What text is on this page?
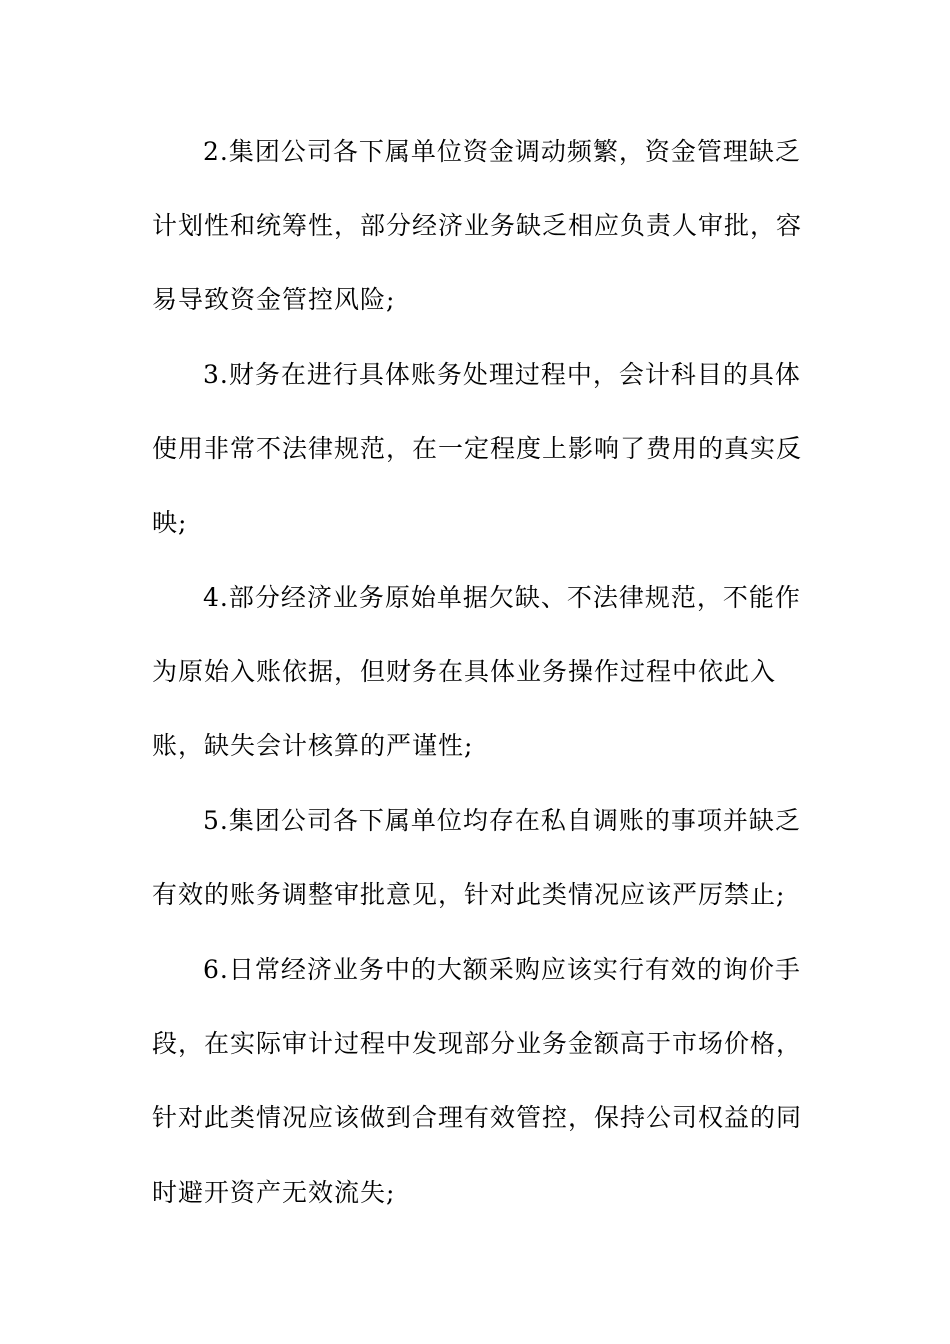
2.集团公司各下属单位资金调动频繁，资金管理缺乏
计划性和统筹性，部分经济业务缺乏相应负责人审批，容
易导致资金管控风险;
3.财务在进行具体账务处理过程中，会计科目的具体
使用非常不法律规范，在一定程度上影响了费用的真实反
映;
4.部分经济业务原始单据欠缺、不法律规范，不能作
为原始入账依据，但财务在具体业务操作过程中依此入
账，缺失会计核算的严谨性;
5.集团公司各下属单位均存在私自调账的事项并缺乏
有效的账务调整审批意见，针对此类情况应该严厉禁止;
6.日常经济业务中的大额采购应该实行有效的询价手
段，在实际审计过程中发现部分业务金额高于市场价格，
针对此类情况应该做到合理有效管控，保持公司权益的同
时避开资产无效流失;
